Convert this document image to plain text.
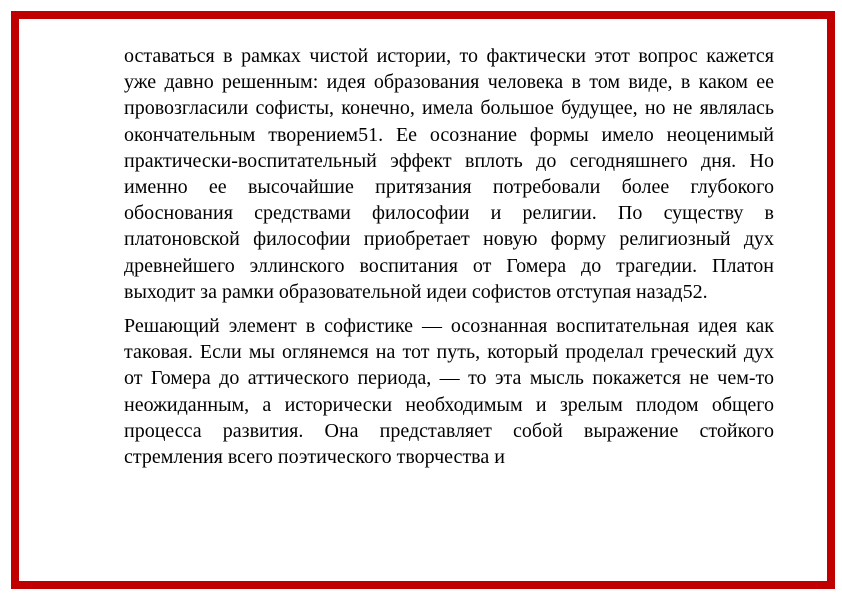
оставаться в рамках чистой истории, то фактически этот вопрос кажется уже давно решенным: идея образования человека в том виде, в каком ее провозгласили софисты, конечно, имела большое будущее, но не являлась окончательным творением51. Ее осознание формы имело неоценимый практически-воспитательный эффект вплоть до сегодняшнего дня. Но именно ее высочайшие притязания потребовали более глубокого обоснования средствами философии и религии. По существу в платоновской философии приобретает новую форму религиозный дух древнейшего эллинского воспитания от Гомера до трагедии. Платон выходит за рамки образовательной идеи софистов отступая назад52.

Решающий элемент в софистике — осознанная воспитательная идея как таковая. Если мы оглянемся на тот путь, который проделал греческий дух от Гомера до аттического периода, — то эта мысль покажется не чем-то неожиданным, а исторически необходимым и зрелым плодом общего процесса развития. Она представляет собой выражение стойкого стремления всего поэтического творчества и
